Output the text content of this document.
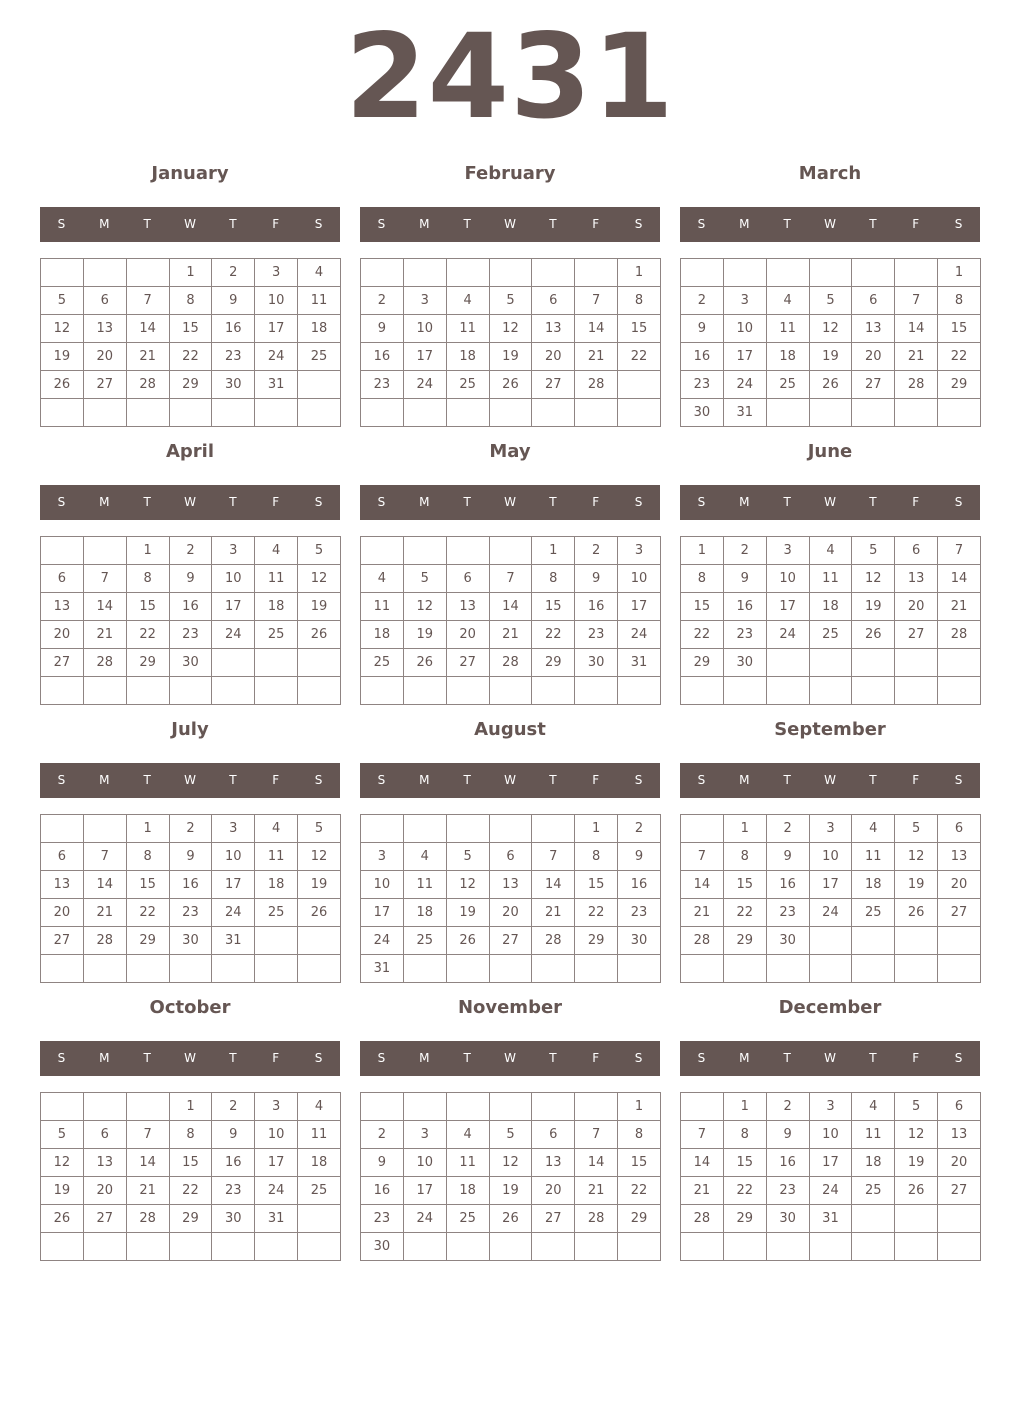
2431
January
S	M	T	W	T	F	S
			1	2	3	4
5	6	7	8	9	10	11
12	13	14	15	16	17	18
19	20	21	22	23	24	25
26	27	28	29	30	31	

February
S	M	T	W	T	F	S
						1
2	3	4	5	6	7	8
9	10	11	12	13	14	15
16	17	18	19	20	21	22
23	24	25	26	27	28	

March
S	M	T	W	T	F	S
						1
2	3	4	5	6	7	8
9	10	11	12	13	14	15
16	17	18	19	20	21	22
23	24	25	26	27	28	29
30	31					
April
S	M	T	W	T	F	S
		1	2	3	4	5
6	7	8	9	10	11	12
13	14	15	16	17	18	19
20	21	22	23	24	25	26
27	28	29	30			

May
S	M	T	W	T	F	S
				1	2	3
4	5	6	7	8	9	10
11	12	13	14	15	16	17
18	19	20	21	22	23	24
25	26	27	28	29	30	31

June
S	M	T	W	T	F	S
1	2	3	4	5	6	7
8	9	10	11	12	13	14
15	16	17	18	19	20	21
22	23	24	25	26	27	28
29	30					

July
S	M	T	W	T	F	S
		1	2	3	4	5
6	7	8	9	10	11	12
13	14	15	16	17	18	19
20	21	22	23	24	25	26
27	28	29	30	31		

August
S	M	T	W	T	F	S
					1	2
3	4	5	6	7	8	9
10	11	12	13	14	15	16
17	18	19	20	21	22	23
24	25	26	27	28	29	30
31						
September
S	M	T	W	T	F	S
	1	2	3	4	5	6
7	8	9	10	11	12	13
14	15	16	17	18	19	20
21	22	23	24	25	26	27
28	29	30				

October
S	M	T	W	T	F	S
			1	2	3	4
5	6	7	8	9	10	11
12	13	14	15	16	17	18
19	20	21	22	23	24	25
26	27	28	29	30	31	

November
S	M	T	W	T	F	S
						1
2	3	4	5	6	7	8
9	10	11	12	13	14	15
16	17	18	19	20	21	22
23	24	25	26	27	28	29
30						
December
S	M	T	W	T	F	S
	1	2	3	4	5	6
7	8	9	10	11	12	13
14	15	16	17	18	19	20
21	22	23	24	25	26	27
28	29	30	31			
